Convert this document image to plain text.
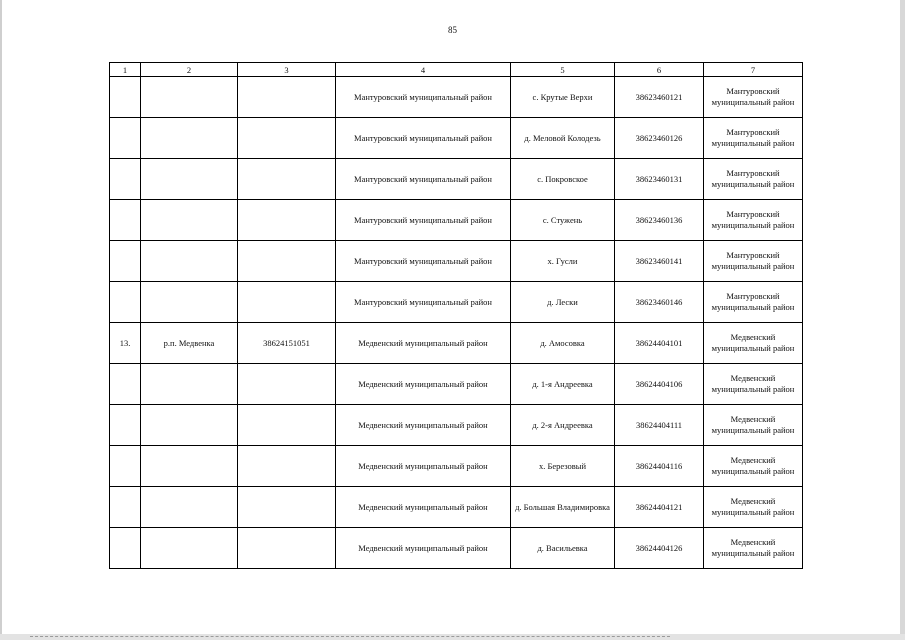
85
1	2	3	4	5	6	7
			Мантуровский муниципальный район	с. Крутые Верхи	38623460121	Мантуровский муниципальный район
			Мантуровский муниципальный район	д. Меловой Колодезь	38623460126	Мантуровский муниципальный район
			Мантуровский муниципальный район	с. Покровское	38623460131	Мантуровский муниципальный район
			Мантуровский муниципальный район	с. Стужень	38623460136	Мантуровский муниципальный район
			Мантуровский муниципальный район	х. Гусли	38623460141	Мантуровский муниципальный район
			Мантуровский муниципальный район	д. Лески	38623460146	Мантуровский муниципальный район
13.	р.п. Медвенка	38624151051	Медвенский муниципальный район	д. Амосовка	38624404101	Медвенский муниципальный район
			Медвенский муниципальный район	д. 1-я Андреевка	38624404106	Медвенский муниципальный район
			Медвенский муниципальный район	д. 2-я Андреевка	38624404111	Медвенский муниципальный район
			Медвенский муниципальный район	х. Березовый	38624404116	Медвенский муниципальный район
			Медвенский муниципальный район	д. Большая Владимировка	38624404121	Медвенский муниципальный район
			Медвенский муниципальный район	д. Васильевка	38624404126	Медвенский муниципальный район
